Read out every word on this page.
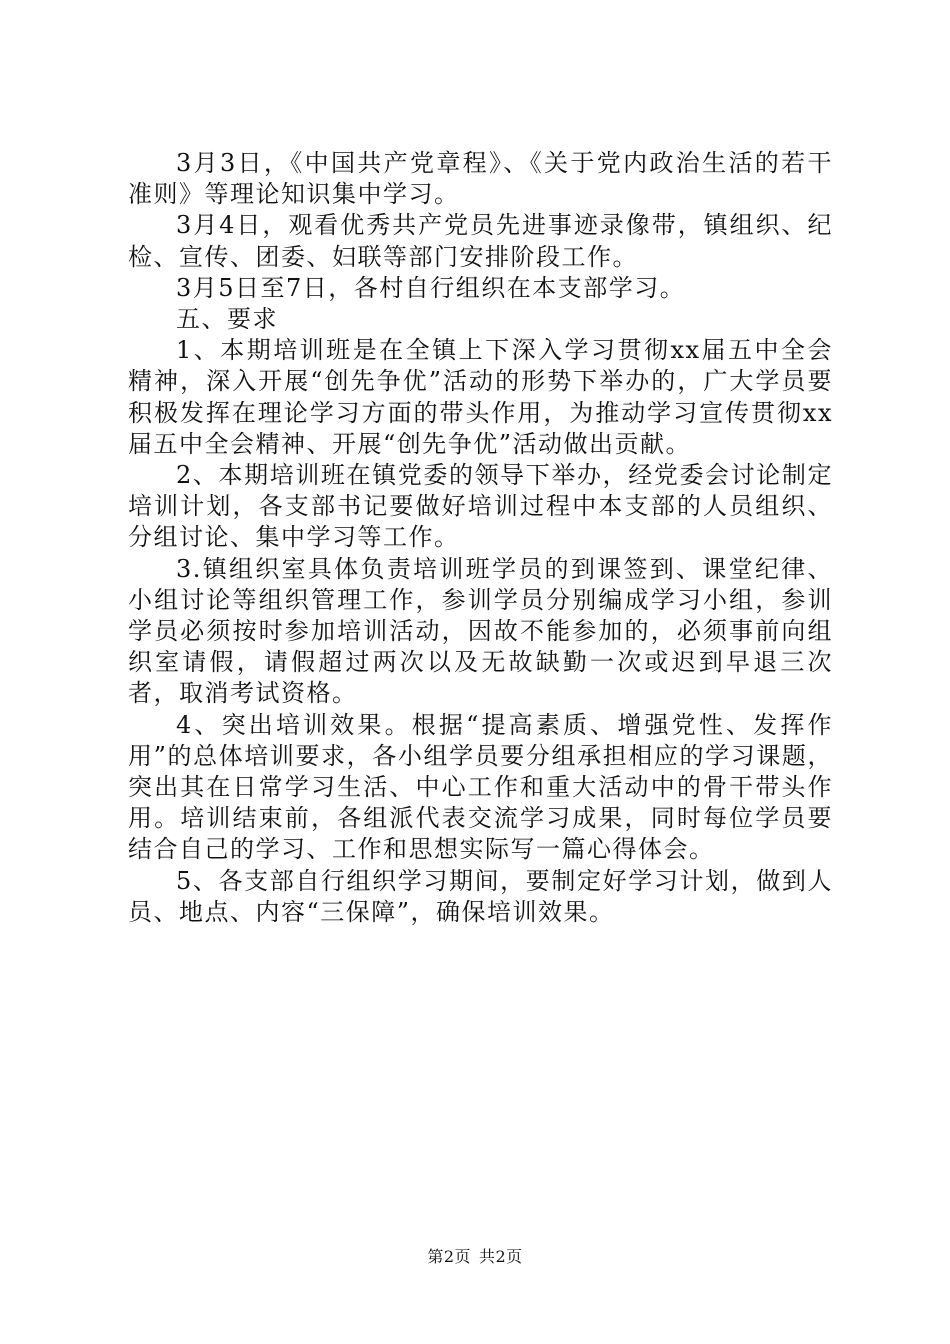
3月3日，《中国共产党章程》、《关于党内政治生活的若干准则》等理论知识集中学习。

3月4日，观看优秀共产党员先进事迹录像带，镇组织、纪检、宣传、团委、妇联等部门安排阶段工作。

3月5日至7日，各村自行组织在本支部学习。

五、要求

1、本期培训班是在全镇上下深入学习贯彻xx届五中全会精神，深入开展“创先争优”活动的形势下举办的，广大学员要积极发挥在理论学习方面的带头作用，为推动学习宣传贯彻xx届五中全会精神、开展“创先争优”活动做出贡献。

2、本期培训班在镇党委的领导下举办，经党委会讨论制定培训计划，各支部书记要做好培训过程中本支部的人员组织、分组讨论、集中学习等工作。

3.镇组织室具体负责培训班学员的到课签到、课堂纪律、小组讨论等组织管理工作，参训学员分别编成学习小组，参训学员必须按时参加培训活动，因故不能参加的，必须事前向组织室请假，请假超过两次以及无故缺勤一次或迟到早退三次者，取消考试资格。

4、突出培训效果。根据“提高素质、增强党性、发挥作用”的总体培训要求，各小组学员要分组承担相应的学习课题，突出其在日常学习生活、中心工作和重大活动中的骨干带头作用。培训结束前，各组派代表交流学习成果，同时每位学员要结合自己的学习、工作和思想实际写一篇心得体会。

5、各支部自行组织学习期间，要制定好学习计划，做到人员、地点、内容“三保障”，确保培训效果。

第2页 共2页
